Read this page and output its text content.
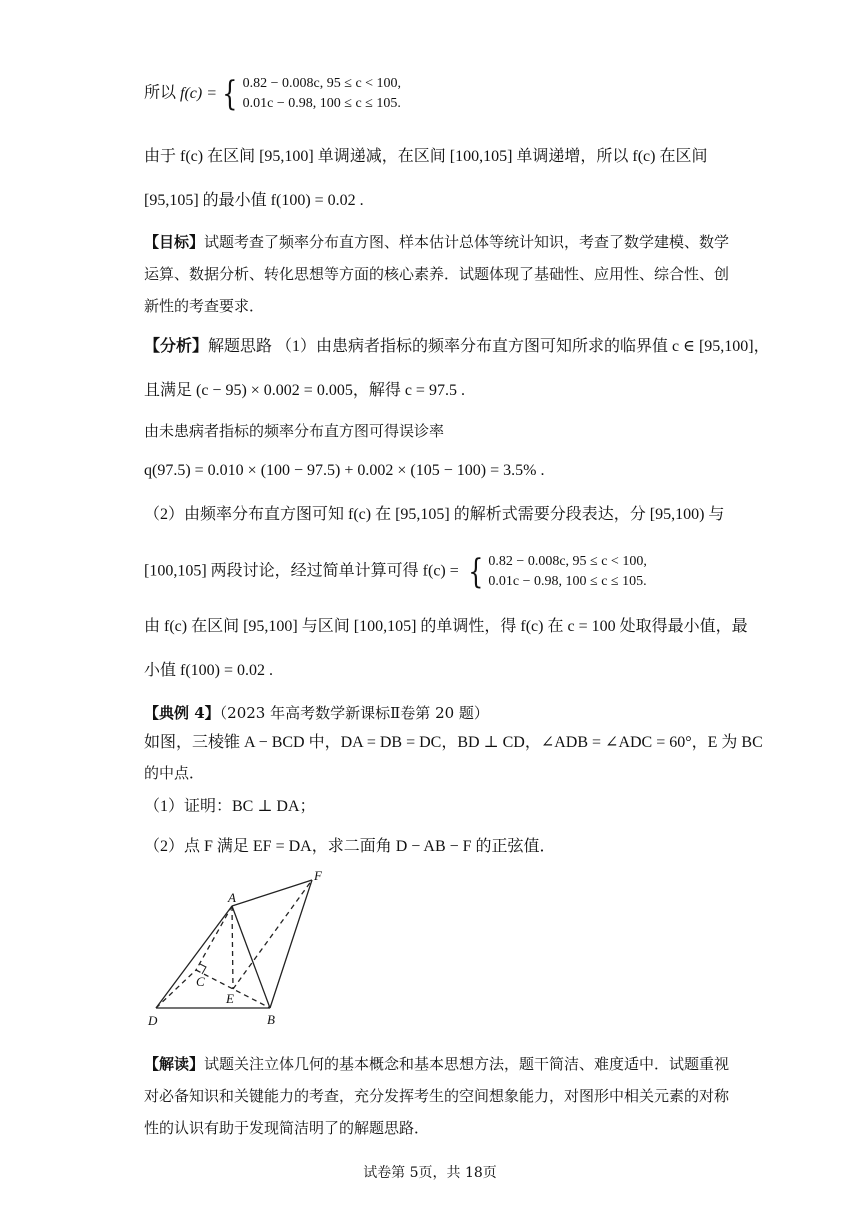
所以 f(c) = { 0.82 − 0.008c, 95 ≤ c < 100,
0.01c − 0.98, 100 ≤ c ≤ 105.
由于 f(c) 在区间 [95,100] 单调递减，在区间 [100,105] 单调递增，所以 f(c) 在区间
[95,105] 的最小值 f(100) = 0.02 .
【目标】试题考查了频率分布直方图、样本估计总体等统计知识，考查了数学建模、数学运算、数据分析、转化思想等方面的核心素养．试题体现了基础性、应用性、综合性、创新性的考查要求．
【分析】解题思路 （1）由患病者指标的频率分布直方图可知所求的临界值 c ∈ [95,100]，
且满足 (c − 95) × 0.002 = 0.005，解得 c = 97.5 .
由未患病者指标的频率分布直方图可得误诊率
q(97.5) = 0.010 × (100 − 97.5) + 0.002 × (105 − 100) = 3.5% .
（2）由频率分布直方图可知 f(c) 在 [95,105] 的解析式需要分段表达，分 [95,100) 与
[100,105] 两段讨论，经过简单计算可得 f(c) = { 0.82 − 0.008c, 95 ≤ c < 100,
0.01c − 0.98, 100 ≤ c ≤ 105.
由 f(c) 在区间 [95,100] 与区间 [100,105] 的单调性，得 f(c) 在 c = 100 处取得最小值，最
小值 f(100) = 0.02 .
【典例 4】（2023 年高考数学新课标Ⅱ卷第 20 题）
如图，三棱锥 A − BCD 中，DA = DB = DC，BD ⊥ CD，∠ADB = ∠ADC = 60°，E 为 BC
的中点．
（1）证明：BC ⊥ DA；
（2）点 F 满足 EF = DA，求二面角 D − AB − F 的正弦值．
A
B
C
D
E
F
【解读】试题关注立体几何的基本概念和基本思想方法，题干简洁、难度适中．试题重视对必备知识和关键能力的考查，充分发挥考生的空间想象能力，对图形中相关元素的对称性的认识有助于发现简洁明了的解题思路．
试卷第 5页，共 18页
